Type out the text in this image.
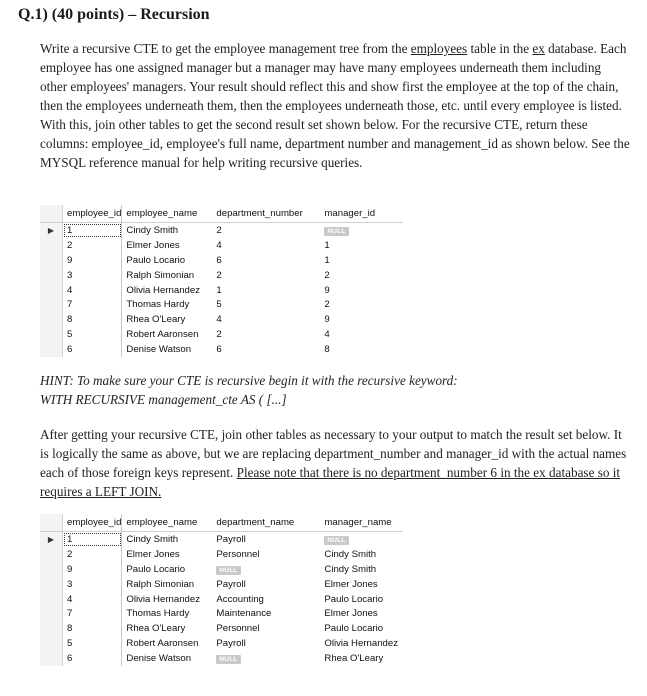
Q.1) (40 points) – Recursion
Write a recursive CTE to get the employee management tree from the employees table in the ex database. Each employee has one assigned manager but a manager may have many employees underneath them including other employees' managers. Your result should reflect this and show first the employee at the top of the chain, then the employees underneath them, then the employees underneath those, etc. until every employee is listed. With this, join other tables to get the second result set shown below. For the recursive CTE, return these columns: employee_id, employee's full name, department number and management_id as shown below. See the MYSQL reference manual for help writing recursive queries.
	employee_id	employee_name	department_number	manager_id
▶	1	Cindy Smith	2	NULL
	2	Elmer Jones	4	1
	9	Paulo Locario	6	1
	3	Ralph Simonian	2	2
	4	Olivia Hernandez	1	9
	7	Thomas Hardy	5	2
	8	Rhea O'Leary	4	9
	5	Robert Aaronsen	2	4
	6	Denise Watson	6	8
HINT: To make sure your CTE is recursive begin it with the recursive keyword:
WITH RECURSIVE management_cte AS ( [...]
After getting your recursive CTE, join other tables as necessary to your output to match the result set below. It is logically the same as above, but we are replacing department_number and manager_id with the actual names each of those foreign keys represent. Please note that there is no department_number 6 in the ex database so it requires a LEFT JOIN.
	employee_id	employee_name	department_name	manager_name
▶	1	Cindy Smith	Payroll	NULL
	2	Elmer Jones	Personnel	Cindy Smith
	9	Paulo Locario	NULL	Cindy Smith
	3	Ralph Simonian	Payroll	Elmer Jones
	4	Olivia Hernandez	Accounting	Paulo Locario
	7	Thomas Hardy	Maintenance	Elmer Jones
	8	Rhea O'Leary	Personnel	Paulo Locario
	5	Robert Aaronsen	Payroll	Olivia Hernandez
	6	Denise Watson	NULL	Rhea O'Leary
